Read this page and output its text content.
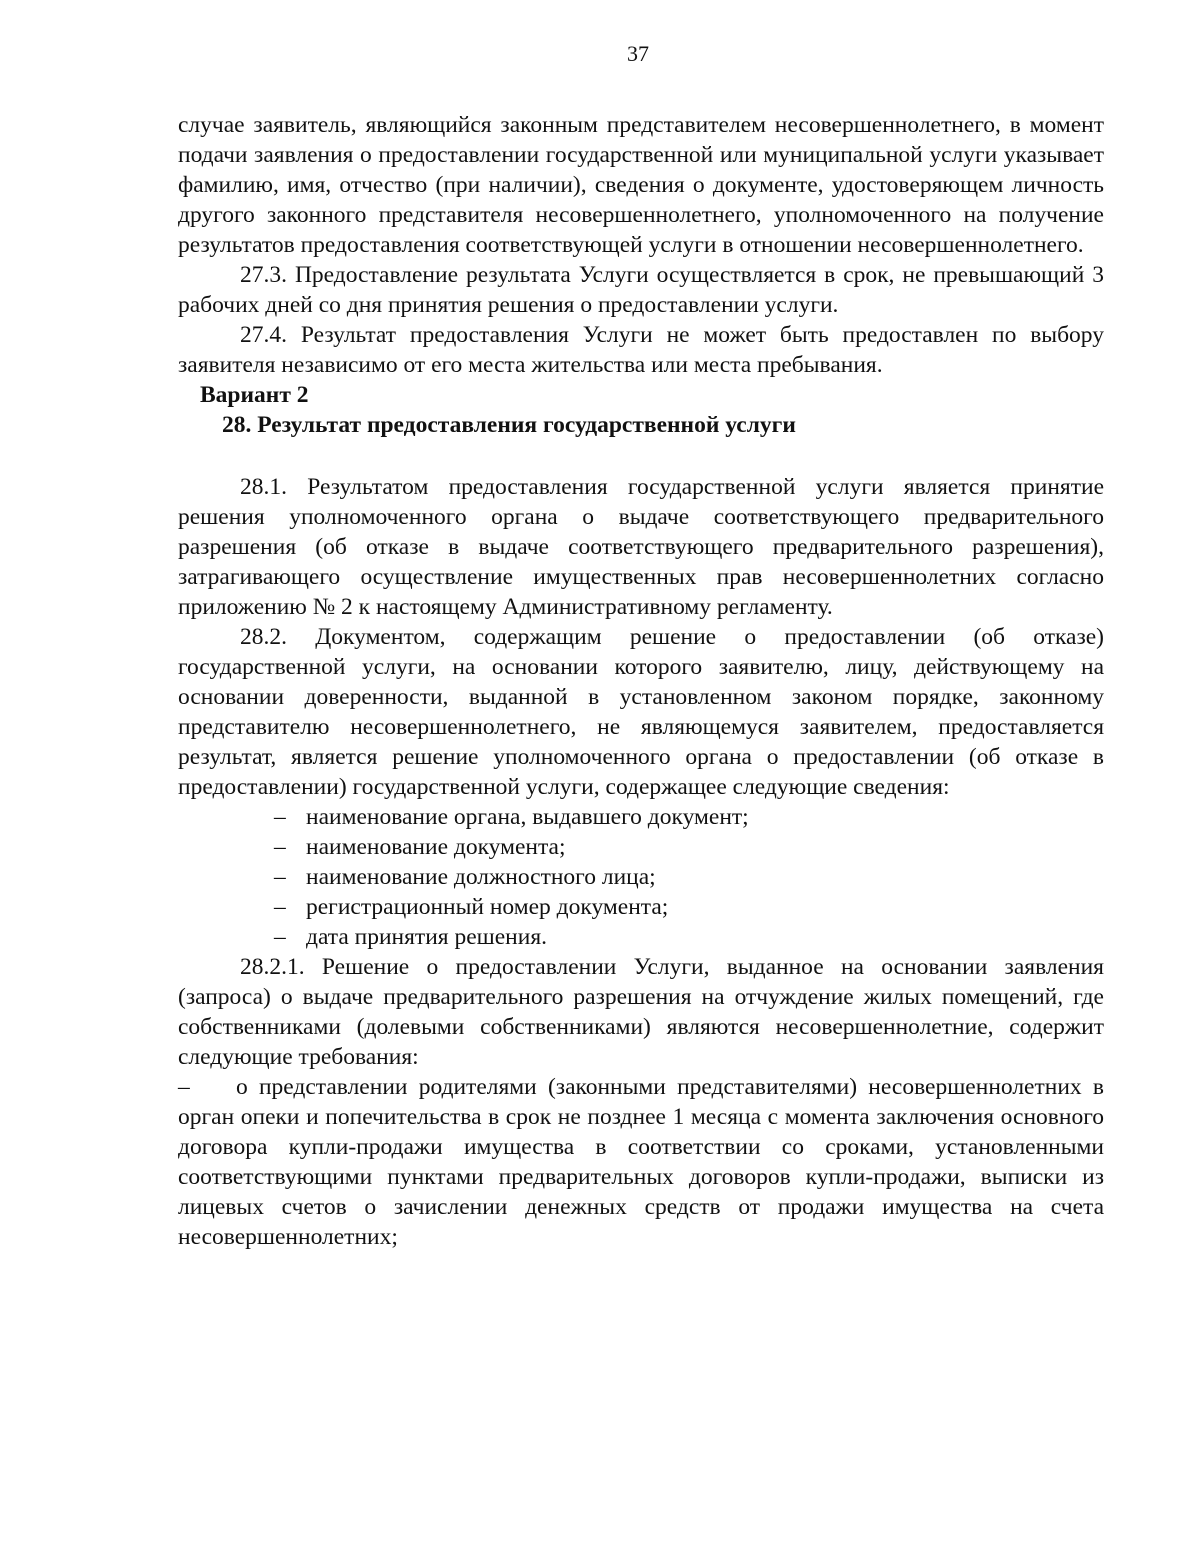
37

случае заявитель, являющийся законным представителем несовершеннолетнего, в момент подачи заявления о предоставлении государственной или муниципальной услуги указывает фамилию, имя, отчество (при наличии), сведения о документе, удостоверяющем личность другого законного представителя несовершеннолетнего, уполномоченного на получение результатов предоставления соответствующей услуги в отношении несовершеннолетнего.

27.3. Предоставление результата Услуги осуществляется в срок, не превышающий 3 рабочих дней со дня принятия решения о предоставлении услуги.

27.4. Результат предоставления Услуги не может быть предоставлен по выбору заявителя независимо от его места жительства или места пребывания.

Вариант 2

28. Результат предоставления государственной услуги

28.1. Результатом предоставления государственной услуги является принятие решения уполномоченного органа о выдаче соответствующего предварительного разрешения (об отказе в выдаче соответствующего предварительного разрешения), затрагивающего осуществление имущественных прав несовершеннолетних согласно приложению № 2 к настоящему Административному регламенту.

28.2. Документом, содержащим решение о предоставлении (об отказе) государственной услуги, на основании которого заявителю, лицу, действующему на основании доверенности, выданной в установленном законом порядке, законному представителю несовершеннолетнего, не являющемуся заявителем, предоставляется результат, является решение уполномоченного органа о предоставлении (об отказе в предоставлении) государственной услуги, содержащее следующие сведения:

– наименование органа, выдавшего документ;
– наименование документа;
– наименование должностного лица;
– регистрационный номер документа;
– дата принятия решения.

28.2.1. Решение о предоставлении Услуги, выданное на основании заявления (запроса) о выдаче предварительного разрешения на отчуждение жилых помещений, где собственниками (долевыми собственниками) являются несовершеннолетние, содержит следующие требования:

– о представлении родителями (законными представителями) несовершеннолетних в орган опеки и попечительства в срок не позднее 1 месяца с момента заключения основного договора купли-продажи имущества в соответствии со сроками, установленными соответствующими пунктами предварительных договоров купли-продажи, выписки из лицевых счетов о зачислении денежных средств от продажи имущества на счета несовершеннолетних;
